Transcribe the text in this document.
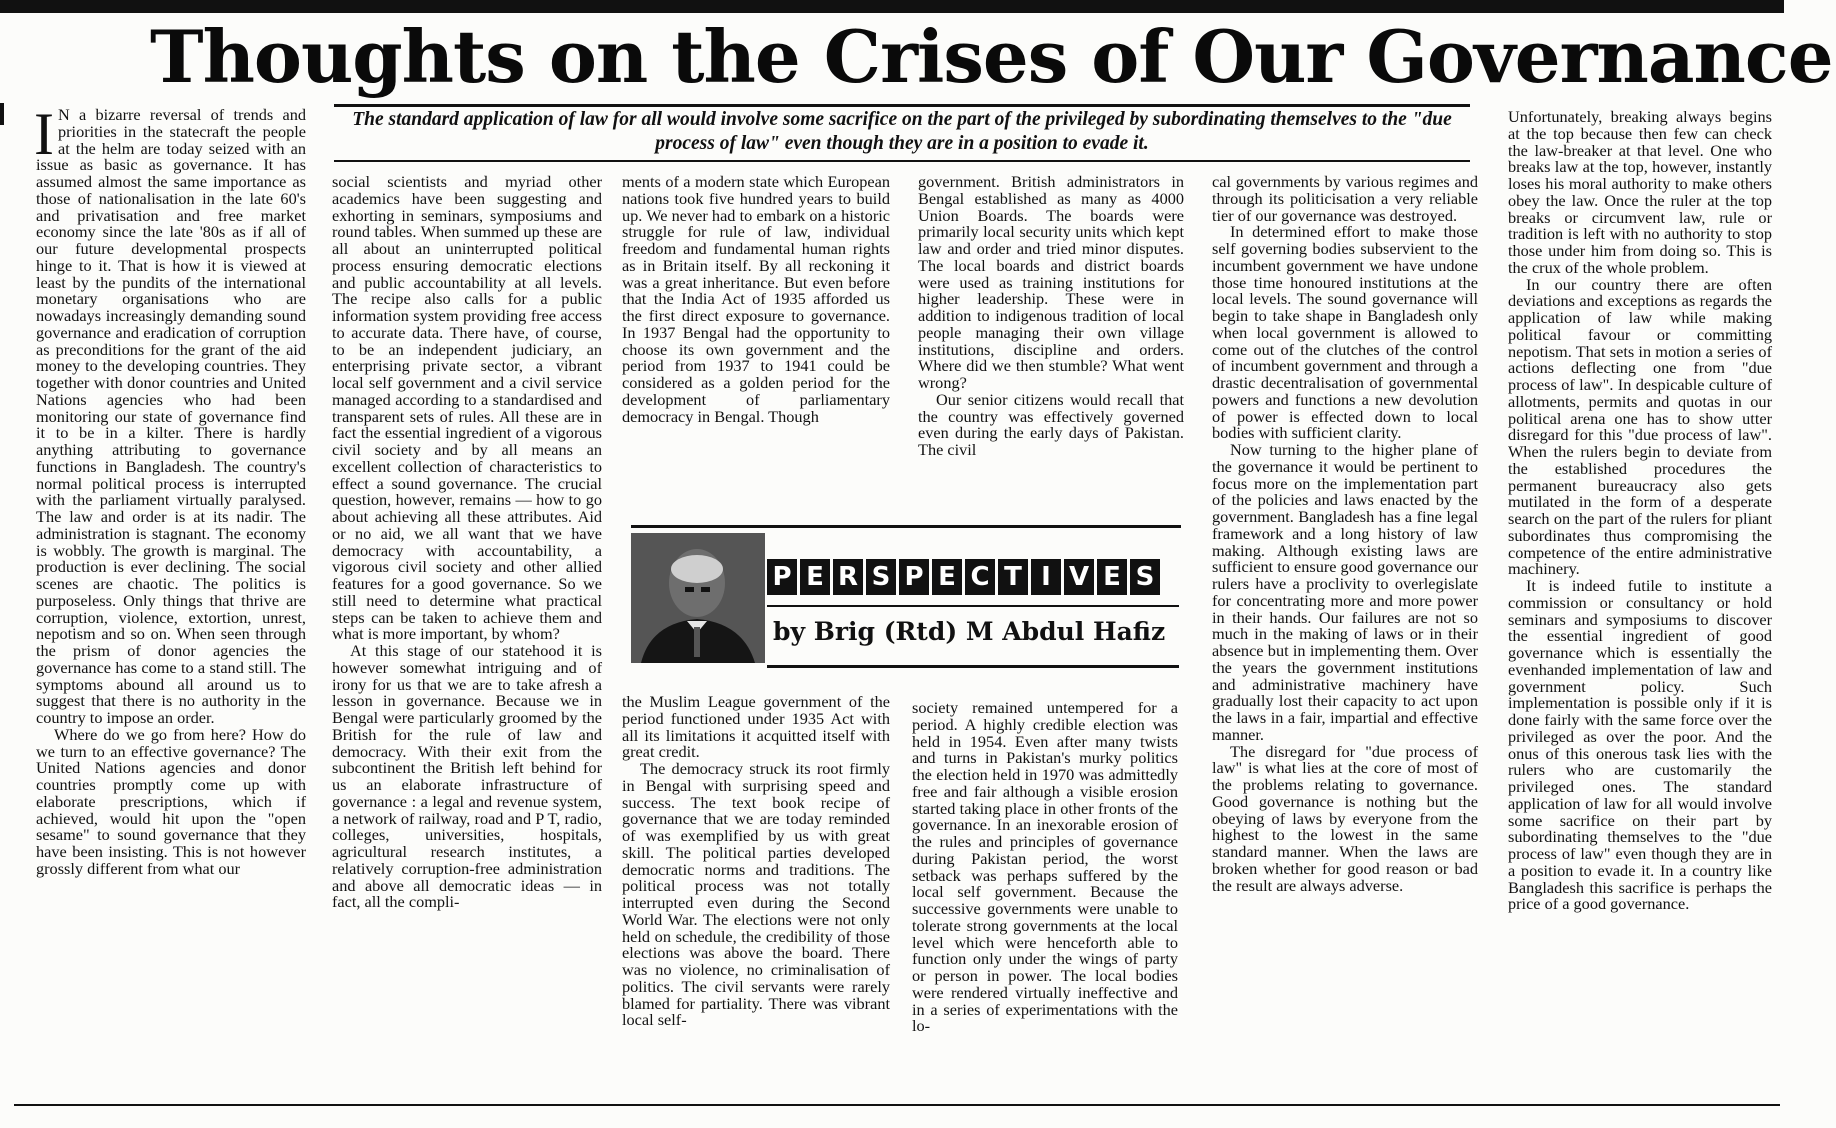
Thoughts on the Crises of Our Governance

The standard application of law for all would involve some sacrifice on the part of the privileged by subordinating themselves to the "due process of law" even though they are in a position to evade it.

I N a bizarre reversal of trends and priorities in the statecraft the people at the helm are today seized with an issue as basic as governance. It has assumed almost the same importance as those of nationalisation in the late 60's and privatisation and free market economy since the late '80s as if all of our future developmental prospects hinge to it. That is how it is viewed at least by the pundits of the international monetary organisations who are nowadays increasingly demanding sound governance and eradication of corruption as preconditions for the grant of the aid money to the developing countries. They together with donor countries and United Nations agencies who had been monitoring our state of governance find it to be in a kilter. There is hardly anything attributing to governance functions in Bangladesh. The country's normal political process is interrupted with the parliament virtually paralysed. The law and order is at its nadir. The administration is stagnant. The economy is wobbly. The growth is marginal. The production is ever declining. The social scenes are chaotic. The politics is purposeless. Only things that thrive are corruption, violence, extortion, unrest, nepotism and so on. When seen through the prism of donor agencies the governance has come to a stand still. The symptoms abound all around us to suggest that there is no authority in the country to impose an order.

Where do we go from here? How do we turn to an effective governance? The United Nations agencies and donor countries promptly come up with elaborate prescriptions, which if achieved, would hit upon the "open sesame" to sound governance that they have been insisting. This is not however grossly different from what our

social scientists and myriad other academics have been suggesting and exhorting in seminars, symposiums and round tables. When summed up these are all about an uninterrupted political process ensuring democratic elections and public accountability at all levels. The recipe also calls for a public information system providing free access to accurate data. There have, of course, to be an independent judiciary, an enterprising private sector, a vibrant local self government and a civil service managed according to a standardised and transparent sets of rules. All these are in fact the essential ingredient of a vigorous civil society and by all means an excellent collection of characteristics to effect a sound governance. The crucial question, however, remains — how to go about achieving all these attributes. Aid or no aid, we all want that we have democracy with accountability, a vigorous civil society and other allied features for a good governance. So we still need to determine what practical steps can be taken to achieve them and what is more important, by whom?

At this stage of our statehood it is however somewhat intriguing and of irony for us that we are to take afresh a lesson in governance. Because we in Bengal were particularly groomed by the British for the rule of law and democracy. With their exit from the subcontinent the British left behind for us an elaborate infrastructure of governance : a legal and revenue system, a network of railway, road and P T, radio, colleges, universities, hospitals, agricultural research institutes, a relatively corruption-free administration and above all democratic ideas — in fact, all the compli-

ments of a modern state which European nations took five hundred years to build up. We never had to embark on a historic struggle for rule of law, individual freedom and fundamental human rights as in Britain itself. By all reckoning it was a great inheritance. But even before that the India Act of 1935 afforded us the first direct exposure to governance. In 1937 Bengal had the opportunity to choose its own government and the period from 1937 to 1941 could be considered as a golden period for the development of parliamentary democracy in Bengal. Though

government. British administrators in Bengal established as many as 4000 Union Boards. The boards were primarily local security units which kept law and order and tried minor disputes. The local boards and district boards were used as training institutions for higher leadership. These were in addition to indigenous tradition of local people managing their own village institutions, discipline and orders. Where did we then stumble? What went wrong?

Our senior citizens would recall that the country was effectively governed even during the early days of Pakistan. The civil

P E R S P E C T I V E S
by Brig (Rtd) M Abdul Hafiz

the Muslim League government of the period functioned under 1935 Act with all its limitations it acquitted itself with great credit.

The democracy struck its root firmly in Bengal with surprising speed and success. The text book recipe of governance that we are today reminded of was exemplified by us with great skill. The political parties developed democratic norms and traditions. The political process was not totally interrupted even during the Second World War. The elections were not only held on schedule, the credibility of those elections was above the board. There was no violence, no criminalisation of politics. The civil servants were rarely blamed for partiality. There was vibrant local self-

society remained untempered for a period. A highly credible election was held in 1954. Even after many twists and turns in Pakistan's murky politics the election held in 1970 was admittedly free and fair although a visible erosion started taking place in other fronts of the governance. In an inexorable erosion of the rules and principles of governance during Pakistan period, the worst setback was perhaps suffered by the local self government. Because the successive governments were unable to tolerate strong governments at the local level which were henceforth able to function only under the wings of party or person in power. The local bodies were rendered virtually ineffective and in a series of experimentations with the lo-

cal governments by various regimes and through its politicisation a very reliable tier of our governance was destroyed.

In determined effort to make those self governing bodies subservient to the incumbent government we have undone those time honoured institutions at the local levels. The sound governance will begin to take shape in Bangladesh only when local government is allowed to come out of the clutches of the control of incumbent government and through a drastic decentralisation of governmental powers and functions a new devolution of power is effected down to local bodies with sufficient clarity.

Now turning to the higher plane of the governance it would be pertinent to focus more on the implementation part of the policies and laws enacted by the government. Bangladesh has a fine legal framework and a long history of law making. Although existing laws are sufficient to ensure good governance our rulers have a proclivity to overlegislate for concentrating more and more power in their hands. Our failures are not so much in the making of laws or in their absence but in implementing them. Over the years the government institutions and administrative machinery have gradually lost their capacity to act upon the laws in a fair, impartial and effective manner.

The disregard for "due process of law" is what lies at the core of most of the problems relating to governance. Good governance is nothing but the obeying of laws by everyone from the highest to the lowest in the same standard manner. When the laws are broken whether for good reason or bad the result are always adverse.

Unfortunately, breaking always begins at the top because then few can check the law-breaker at that level. One who breaks law at the top, however, instantly loses his moral authority to make others obey the law. Once the ruler at the top breaks or circumvent law, rule or tradition is left with no authority to stop those under him from doing so. This is the crux of the whole problem.

In our country there are often deviations and exceptions as regards the application of law while making political favour or committing nepotism. That sets in motion a series of actions deflecting one from "due process of law". In despicable culture of allotments, permits and quotas in our political arena one has to show utter disregard for this "due process of law". When the rulers begin to deviate from the established procedures the permanent bureaucracy also gets mutilated in the form of a desperate search on the part of the rulers for pliant subordinates thus compromising the competence of the entire administrative machinery.

It is indeed futile to institute a commission or consultancy or hold seminars and symposiums to discover the essential ingredient of good governance which is essentially the evenhanded implementation of law and government policy. Such implementation is possible only if it is done fairly with the same force over the privileged as over the poor. And the onus of this onerous task lies with the rulers who are customarily the privileged ones. The standard application of law for all would involve some sacrifice on their part by subordinating themselves to the "due process of law" even though they are in a position to evade it. In a country like Bangladesh this sacrifice is perhaps the price of a good governance.
